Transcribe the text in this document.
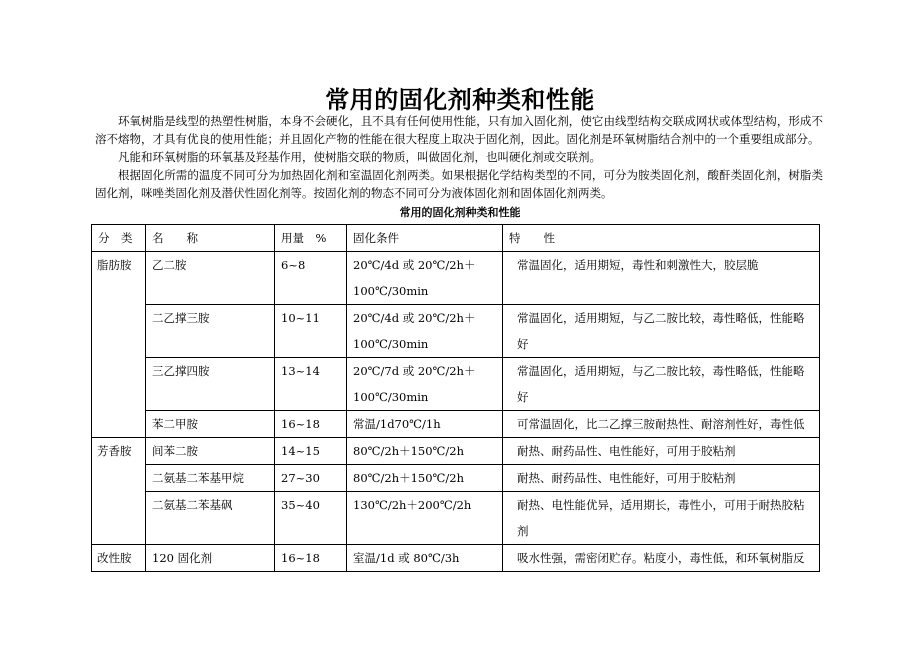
常用的固化剂种类和性能

环氧树脂是线型的热塑性树脂，本身不会硬化，且不具有任何使用性能，只有加入固化剂，使它由线型结构交联成网状或体型结构，形成不溶不熔物，才具有优良的使用性能；并且固化产物的性能在很大程度上取决于固化剂，因此。固化剂是环氧树脂结合剂中的一个重要组成部分。

凡能和环氧树脂的环氧基及羟基作用，使树脂交联的物质，叫做固化剂，也叫硬化剂或交联剂。

根据固化所需的温度不同可分为加热固化剂和室温固化剂两类。如果根据化学结构类型的不同，可分为胺类固化剂，酸酐类固化剂，树脂类固化剂，咪唑类固化剂及潜伏性固化剂等。按固化剂的物态不同可分为液体固化剂和固体固化剂两类。

常用的固化剂种类和性能
分　类	名　　称	用量　%	固化条件	特　　性
脂肪胺	乙二胺	6~8	20℃/4d 或 20℃/2h＋100℃/30min	常温固化，适用期短，毒性和刺激性大，胶层脆
	二乙撑三胺	10~11	20℃/4d 或 20℃/2h＋100℃/30min	常温固化，适用期短，与乙二胺比较，毒性略低，性能略好
	三乙撑四胺	13~14	20℃/7d 或 20℃/2h＋100℃/30min	常温固化，适用期短，与乙二胺比较，毒性略低，性能略好
	苯二甲胺	16~18	常温/1d70℃/1h	可常温固化，比二乙撑三胺耐热性、耐溶剂性好，毒性低
芳香胺	间苯二胺	14~15	80℃/2h＋150℃/2h	耐热、耐药品性、电性能好，可用于胶粘剂
	二氨基二苯基甲烷	27~30	80℃/2h＋150℃/2h	耐热、耐药品性、电性能好，可用于胶粘剂
	二氨基二苯基砜	35~40	130℃/2h＋200℃/2h	耐热、电性能优异，适用期长，毒性小，可用于耐热胶粘剂
改性胺	120 固化剂	16~18	室温/1d 或 80℃/3h	吸水性强，需密闭贮存。粘度小，毒性低，和环氧树脂反
